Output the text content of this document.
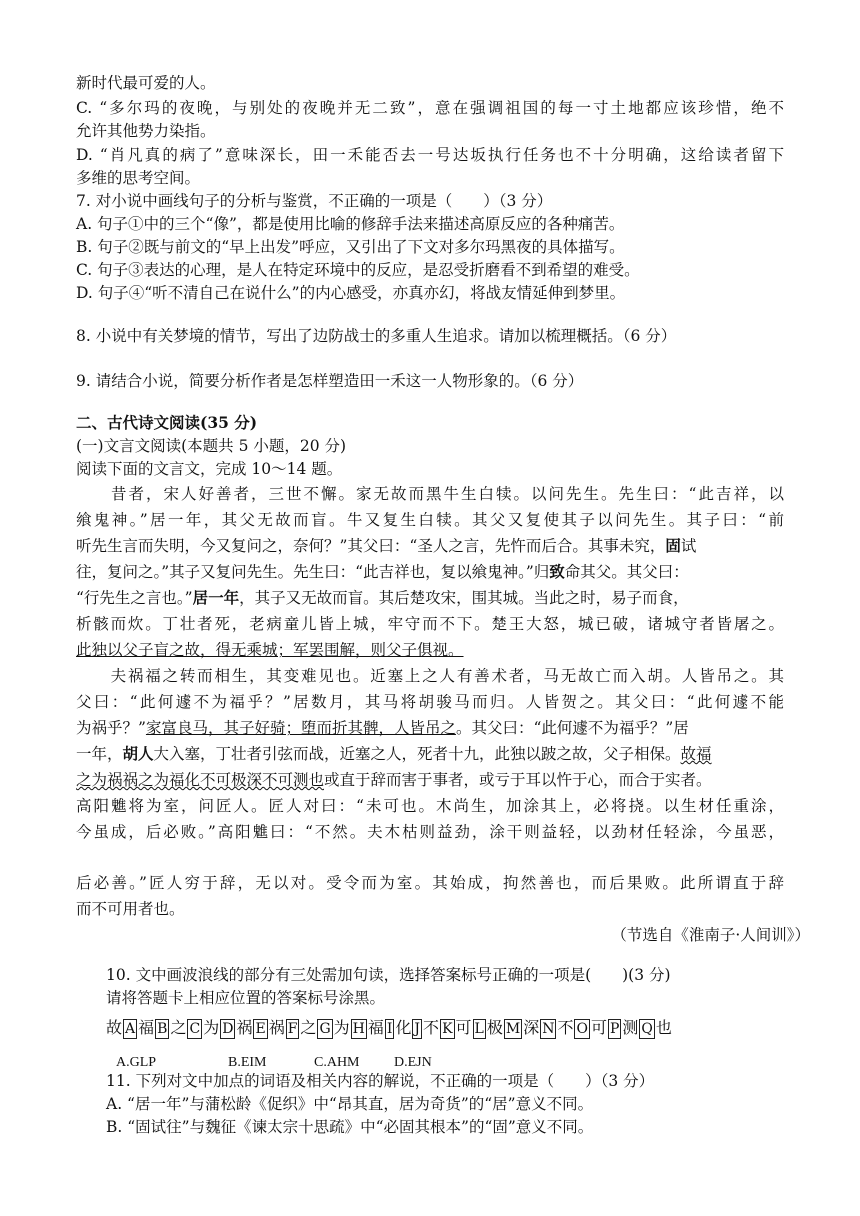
新时代最可爱的人。
C. “多尔玛的夜晚，与别处的夜晚并无二致”，意在强调祖国的每一寸土地都应该珍惜，绝不
允许其他势力染指。
D. “肖凡真的病了”意味深长，田一禾能否去一号达坂执行任务也不十分明确，这给读者留下
多维的思考空间。
7. 对小说中画线句子的分析与鉴赏，不正确的一项是（　　）（3 分）
A. 句子①中的三个“像”，都是使用比喻的修辞手法来描述高原反应的各种痛苦。
B. 句子②既与前文的“早上出发”呼应，又引出了下文对多尔玛黑夜的具体描写。
C. 句子③表达的心理，是人在特定环境中的反应，是忍受折磨看不到希望的难受。
D. 句子④“听不清自己在说什么”的内心感受，亦真亦幻，将战友情延伸到梦里。
8. 小说中有关梦境的情节，写出了边防战士的多重人生追求。请加以梳理概括。（6 分）
9. 请结合小说，简要分析作者是怎样塑造田一禾这一人物形象的。（6 分）
二、古代诗文阅读(35 分)
(一)文言文阅读(本题共 5 小题，20 分)
阅读下面的文言文，完成 10～14 题。
　　昔者，宋人好善者，三世不懈。家无故而黑牛生白犊。以问先生。先生曰：“此吉祥，以
飨鬼神。”居一年，其父无故而盲。牛又复生白犊。其父又复使其子以问先生。其子曰：“前
听先生言而失明，今又复问之，奈何？”其父曰：“圣人之言，先忤而后合。其事未究，固试
往，复问之。”其子又复问先生。先生曰：“此吉祥也，复以飨鬼神。”归致命其父。其父曰：
“行先生之言也。”居一年，其子又无故而盲。其后楚攻宋，围其城。当此之时，易子而食，
析骸而炊。丁壮者死，老病童儿皆上城，牢守而不下。楚王大怒，城已破，诸城守者皆屠之。
此独以父子盲之故，得无乘城；军罢围解，则父子俱视。
　　夫祸福之转而相生，其变难见也。近塞上之人有善术者，马无故亡而入胡。人皆吊之。其
父曰：“此何遽不为福乎？”居数月，其马将胡骏马而归。人皆贺之。其父曰：“此何遽不能
为祸乎？”家富良马，其子好骑；堕而折其髀，人皆吊之。其父曰：“此何遽不为福乎？”居
一年，胡人大入塞，丁壮者引弦而战，近塞之人，死者十九，此独以跛之故，父子相保。故福
之为祸祸之为福化不可极深不可测也或直于辞而害于事者，或亏于耳以忤于心，而合于实者。
高阳魋将为室，问匠人。匠人对曰：“未可也。木尚生，加涂其上，必将挠。以生材任重涂，
今虽成，后必败。”高阳魋曰：“不然。夫木枯则益劲，涂干则益轻，以劲材任轻涂，今虽恶，
后必善。”匠人穷于辞，无以对。受令而为室。其始成，拘然善也，而后果败。此所谓直于辞
而不可用者也。
（节选自《淮南子·人间训》）
10. 文中画波浪线的部分有三处需加句读，选择答案标号正确的一项是(　　)(3 分)
请将答题卡上相应位置的答案标号涂黑。
故 A 福 B 之 C 为 D 祸 E 祸 F 之 G 为 H 福 I 化 J 不 K 可 L 极 M 深 N 不 O 可 P 测 Q 也
A.GLP	B.EIM	C.AHM D.EJN
11. 下列对文中加点的词语及相关内容的解说，不正确的一项是（　　）（3 分）
A. “居一年”与蒲松龄《促织》中“昂其直，居为奇货”的“居”意义不同。
B. “固试往”与魏征《谏太宗十思疏》中“必固其根本”的“固”意义不同。
